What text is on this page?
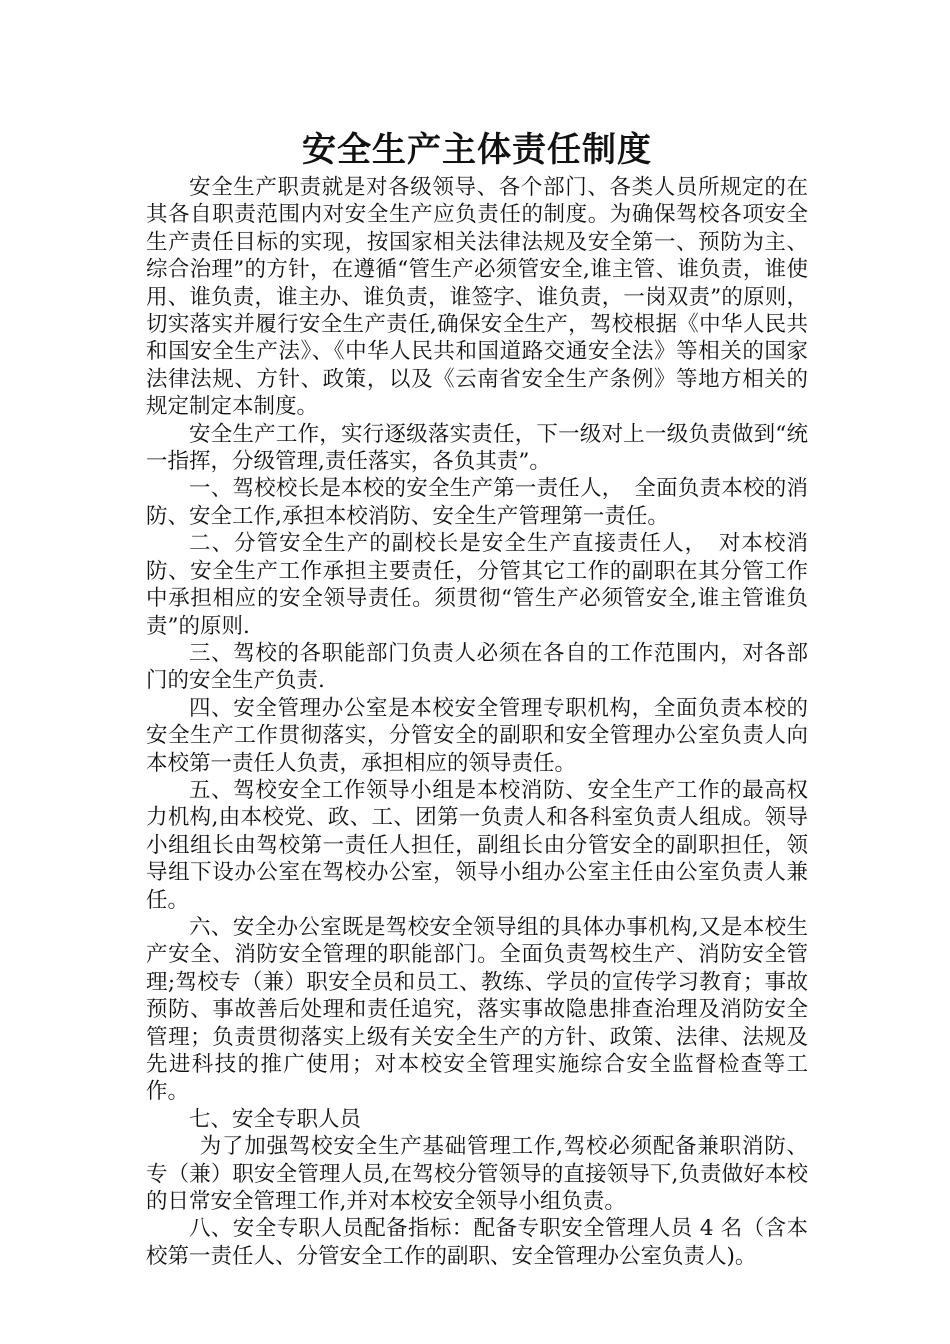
安全生产主体责任制度

安全生产职责就是对各级领导、各个部门、各类人员所规定的在其各自职责范围内对安全生产应负责任的制度。为确保驾校各项安全生产责任目标的实现，按国家相关法律法规及安全第一、预防为主、综合治理”的方针，在遵循“管生产必须管安全,谁主管、谁负责，谁使用、谁负责，谁主办、谁负责，谁签字、谁负责，一岗双责”的原则，切实落实并履行安全生产责任,确保安全生产，驾校根据《中华人民共和国安全生产法》、《中华人民共和国道路交通安全法》等相关的国家法律法规、方针、政策，以及《云南省安全生产条例》等地方相关的规定制定本制度。

安全生产工作，实行逐级落实责任，下一级对上一级负责做到“统一指挥，分级管理,责任落实，各负其责”。

一、驾校校长是本校的安全生产第一责任人，　全面负责本校的消防、安全工作,承担本校消防、安全生产管理第一责任。

二、分管安全生产的副校长是安全生产直接责任人，　对本校消防、安全生产工作承担主要责任，分管其它工作的副职在其分管工作中承担相应的安全领导责任。须贯彻“管生产必须管安全,谁主管谁负责”的原则.

三、驾校的各职能部门负责人必须在各自的工作范围内，对各部门的安全生产负责.

四、安全管理办公室是本校安全管理专职机构，全面负责本校的安全生产工作贯彻落实，分管安全的副职和安全管理办公室负责人向本校第一责任人负责，承担相应的领导责任。

五、驾校安全工作领导小组是本校消防、安全生产工作的最高权力机构,由本校党、政、工、团第一负责人和各科室负责人组成。领导小组组长由驾校第一责任人担任，副组长由分管安全的副职担任，领导组下设办公室在驾校办公室，领导小组办公室主任由公室负责人兼任。

六、安全办公室既是驾校安全领导组的具体办事机构,又是本校生产安全、消防安全管理的职能部门。全面负责驾校生产、消防安全管理;驾校专（兼）职安全员和员工、教练、学员的宣传学习教育；事故预防、事故善后处理和责任追究，落实事故隐患排查治理及消防安全管理；负责贯彻落实上级有关安全生产的方针、政策、法律、法规及先进科技的推广使用；对本校安全管理实施综合安全监督检查等工作。

七、安全专职人员

为了加强驾校安全生产基础管理工作,驾校必须配备兼职消防、专（兼）职安全管理人员,在驾校分管领导的直接领导下,负责做好本校的日常安全管理工作,并对本校安全领导小组负责。

八、安全专职人员配备指标：配备专职安全管理人员 4 名（含本校第一责任人、分管安全工作的副职、安全管理办公室负责人)。
